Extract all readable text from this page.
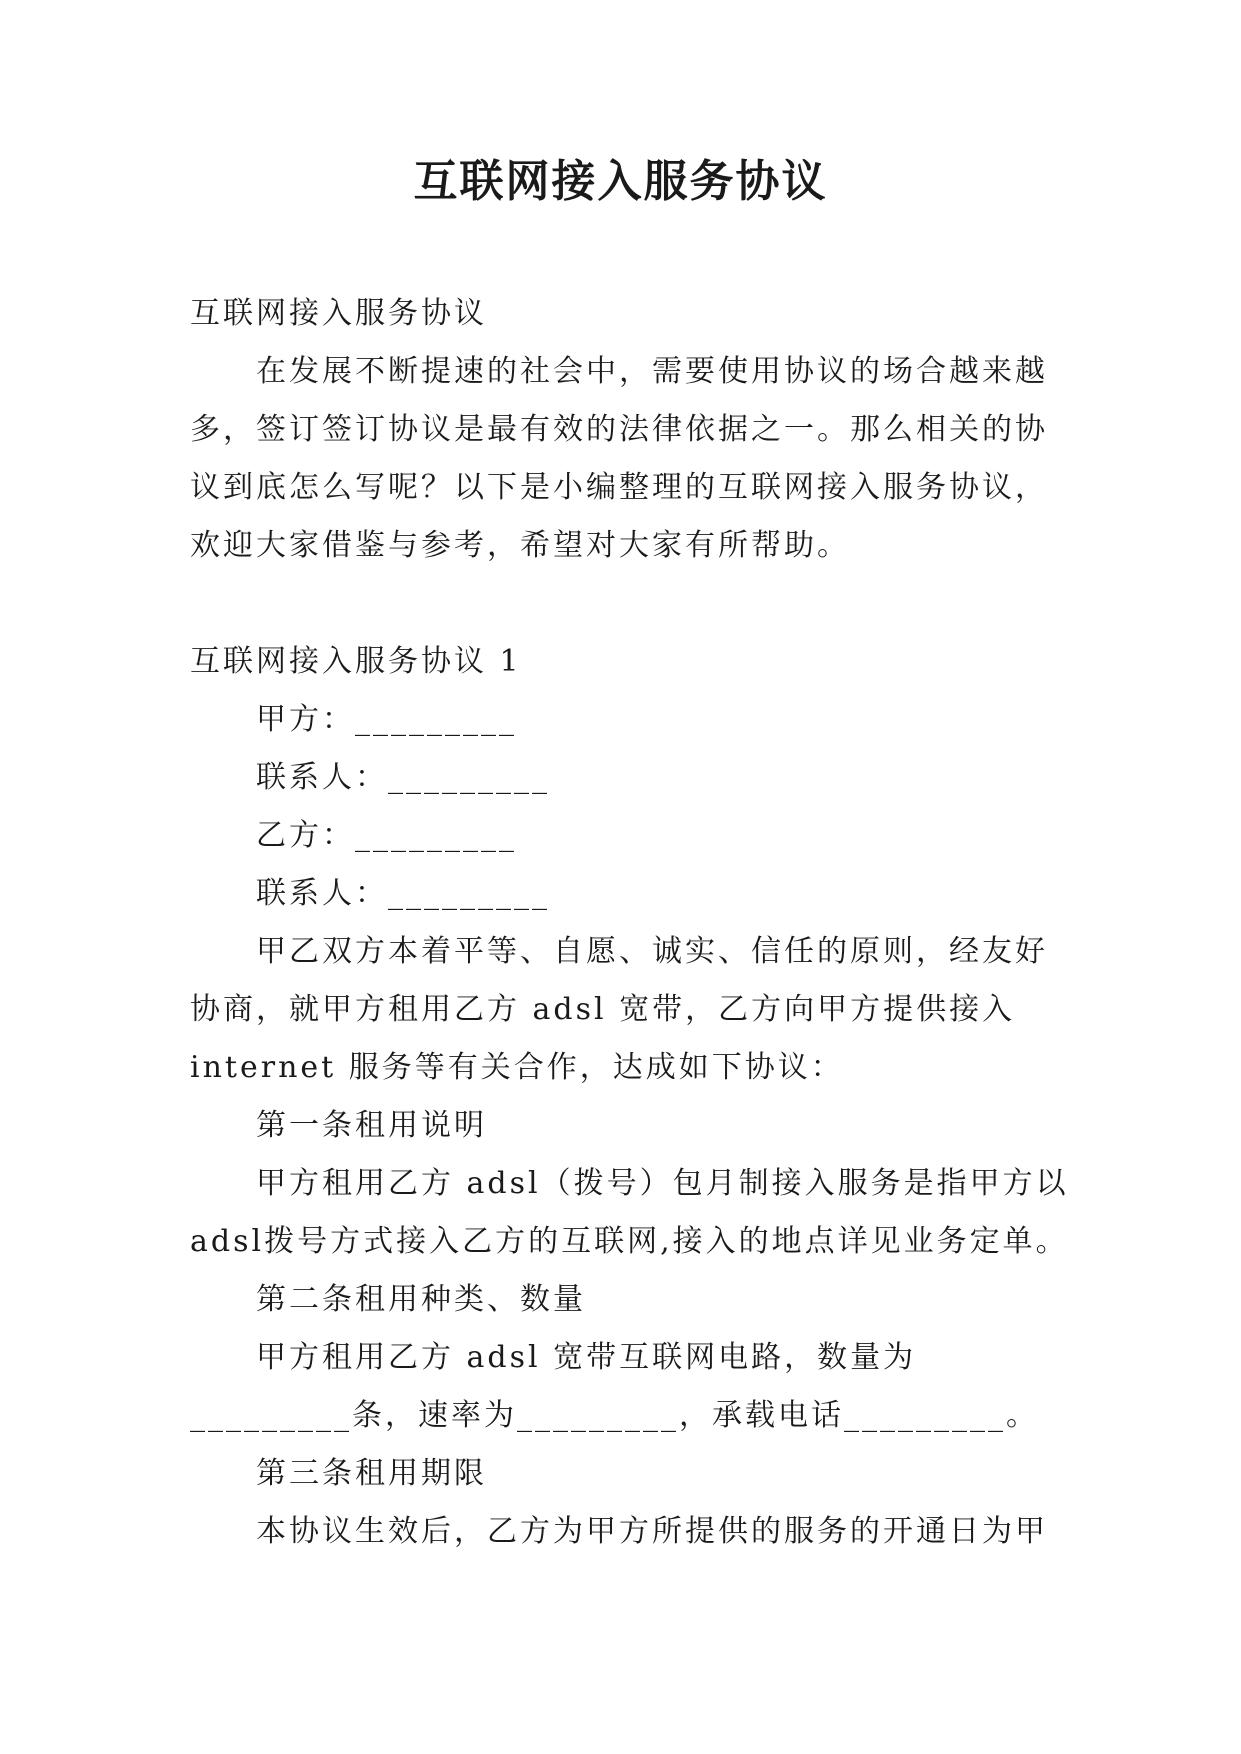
互联网接入服务协议

互联网接入服务协议

在发展不断提速的社会中，需要使用协议的场合越来越多，签订签订协议是最有效的法律依据之一。那么相关的协议到底怎么写呢？以下是小编整理的互联网接入服务协议，欢迎大家借鉴与参考，希望对大家有所帮助。

互联网接入服务协议 1

甲方：_________

联系人：_________

乙方：_________

联系人：_________

甲乙双方本着平等、自愿、诚实、信任的原则，经友好协商，就甲方租用乙方 adsl 宽带，乙方向甲方提供接入internet 服务等有关合作，达成如下协议：

第一条租用说明

甲方租用乙方 adsl（拨号）包月制接入服务是指甲方以adsl拨号方式接入乙方的互联网,接入的地点详见业务定单。

第二条租用种类、数量

甲方租用乙方 adsl 宽带互联网电路，数量为_________条，速率为_________，承载电话_________。

第三条租用期限

本协议生效后，乙方为甲方所提供的服务的开通日为甲
